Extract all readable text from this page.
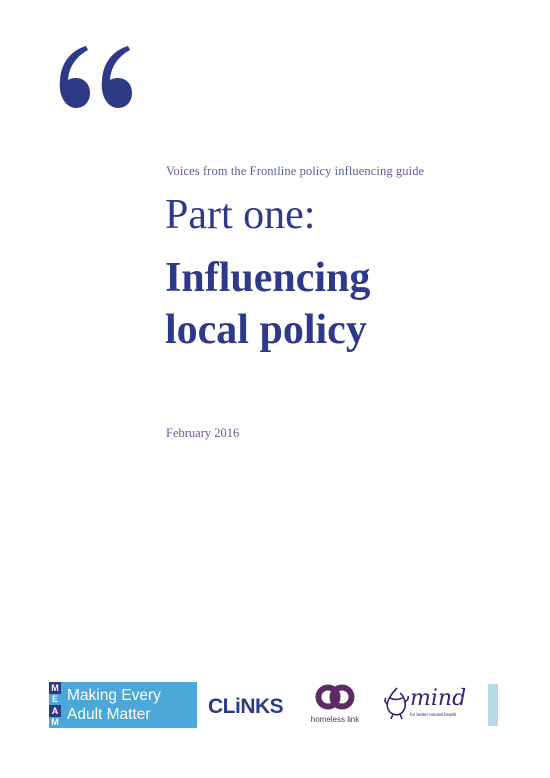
Voices from the Frontline policy influencing guide
Part one:
Influencing
local policy
February 2016
M
E
A
M
Making Every
Adult Matter	CLiNKS
homeless link
mind
for better mental health
